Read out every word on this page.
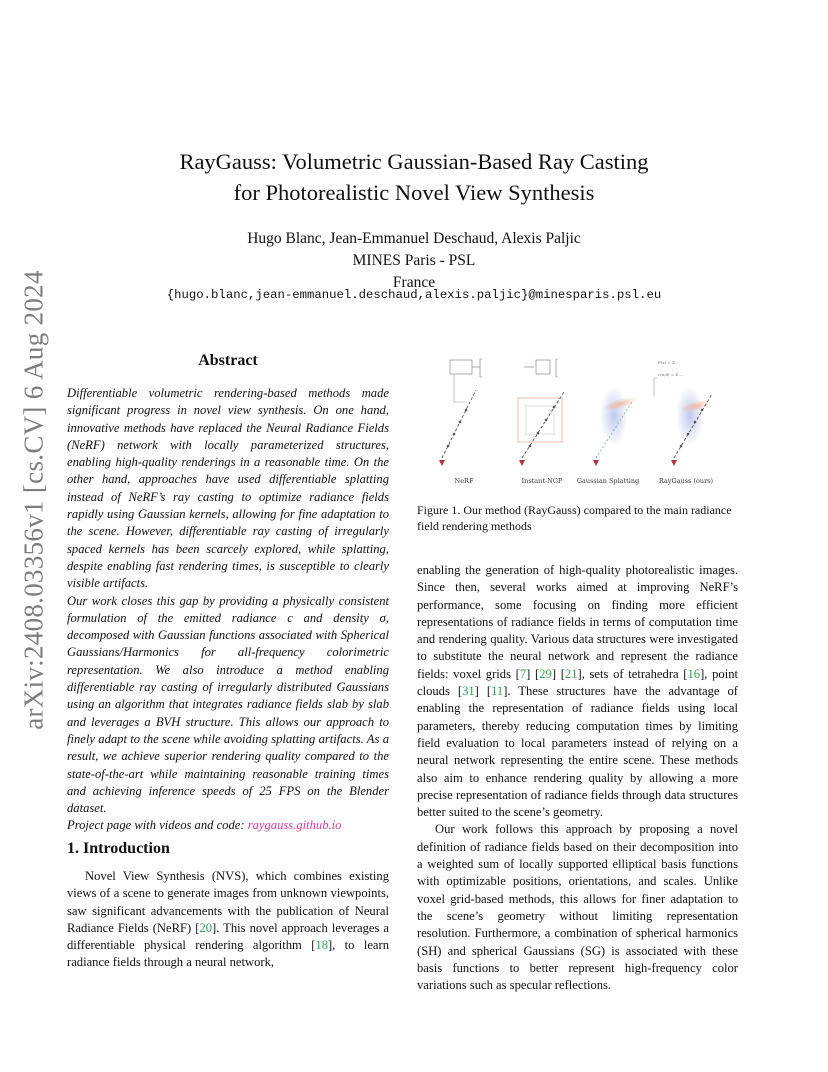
arXiv:2408.03356v1 [cs.CV] 6 Aug 2024
RayGauss: Volumetric Gaussian-Based Ray Casting
for Photorealistic Novel View Synthesis
Hugo Blanc, Jean-Emmanuel Deschaud, Alexis Paljic
MINES Paris - PSL
France
{hugo.blanc,jean-emmanuel.deschaud,alexis.paljic}@minesparis.psl.eu
Abstract

Differentiable volumetric rendering-based methods made significant progress in novel view synthesis. On one hand, innovative methods have replaced the Neural Radiance Fields (NeRF) network with locally parameterized structures, enabling high-quality renderings in a reasonable time. On the other hand, approaches have used differentiable splatting instead of NeRF’s ray casting to optimize radiance fields rapidly using Gaussian kernels, allowing for fine adaptation to the scene. However, differentiable ray casting of irregularly spaced kernels has been scarcely explored, while splatting, despite enabling fast rendering times, is susceptible to clearly visible artifacts.

Our work closes this gap by providing a physically consistent formulation of the emitted radiance c and density σ, decomposed with Gaussian functions associated with Spherical Gaussians/Harmonics for all-frequency colorimetric representation. We also introduce a method enabling differentiable ray casting of irregularly distributed Gaussians using an algorithm that integrates radiance fields slab by slab and leverages a BVH structure. This allows our approach to finely adapt to the scene while avoiding splatting artifacts. As a result, we achieve superior rendering quality compared to the state-of-the-art while maintaining reasonable training times and achieving inference speeds of 25 FPS on the Blender dataset.

Project page with videos and code: raygauss.github.io

1. Introduction

Novel View Synthesis (NVS), which combines existing views of a scene to generate images from unknown viewpoints, saw significant advancements with the publication of Neural Radiance Fields (NeRF) [20]. This novel approach leverages a differentiable physical rendering algorithm [18], to learn radiance fields through a neural network,

F(x) = Σ ...
c(x,d) = Σ ...
NeRF	Instant-NGP Gaussian Splatting	RayGauss (ours)
Figure 1. Our method (RayGauss) compared to the main radiance field rendering methods

enabling the generation of high-quality photorealistic images. Since then, several works aimed at improving NeRF’s performance, some focusing on finding more efficient representations of radiance fields in terms of computation time and rendering quality. Various data structures were investigated to substitute the neural network and represent the radiance fields: voxel grids [7] [29] [21], sets of tetrahedra [16], point clouds [31] [11]. These structures have the advantage of enabling the representation of radiance fields using local parameters, thereby reducing computation times by limiting field evaluation to local parameters instead of relying on a neural network representing the entire scene. These methods also aim to enhance rendering quality by allowing a more precise representation of radiance fields through data structures better suited to the scene’s geometry.

Our work follows this approach by proposing a novel definition of radiance fields based on their decomposition into a weighted sum of locally supported elliptical basis functions with optimizable positions, orientations, and scales. Unlike voxel grid-based methods, this allows for finer adaptation to the scene’s geometry without limiting representation resolution. Furthermore, a combination of spherical harmonics (SH) and spherical Gaussians (SG) is associated with these basis functions to better represent high-frequency color variations such as specular reflections.
